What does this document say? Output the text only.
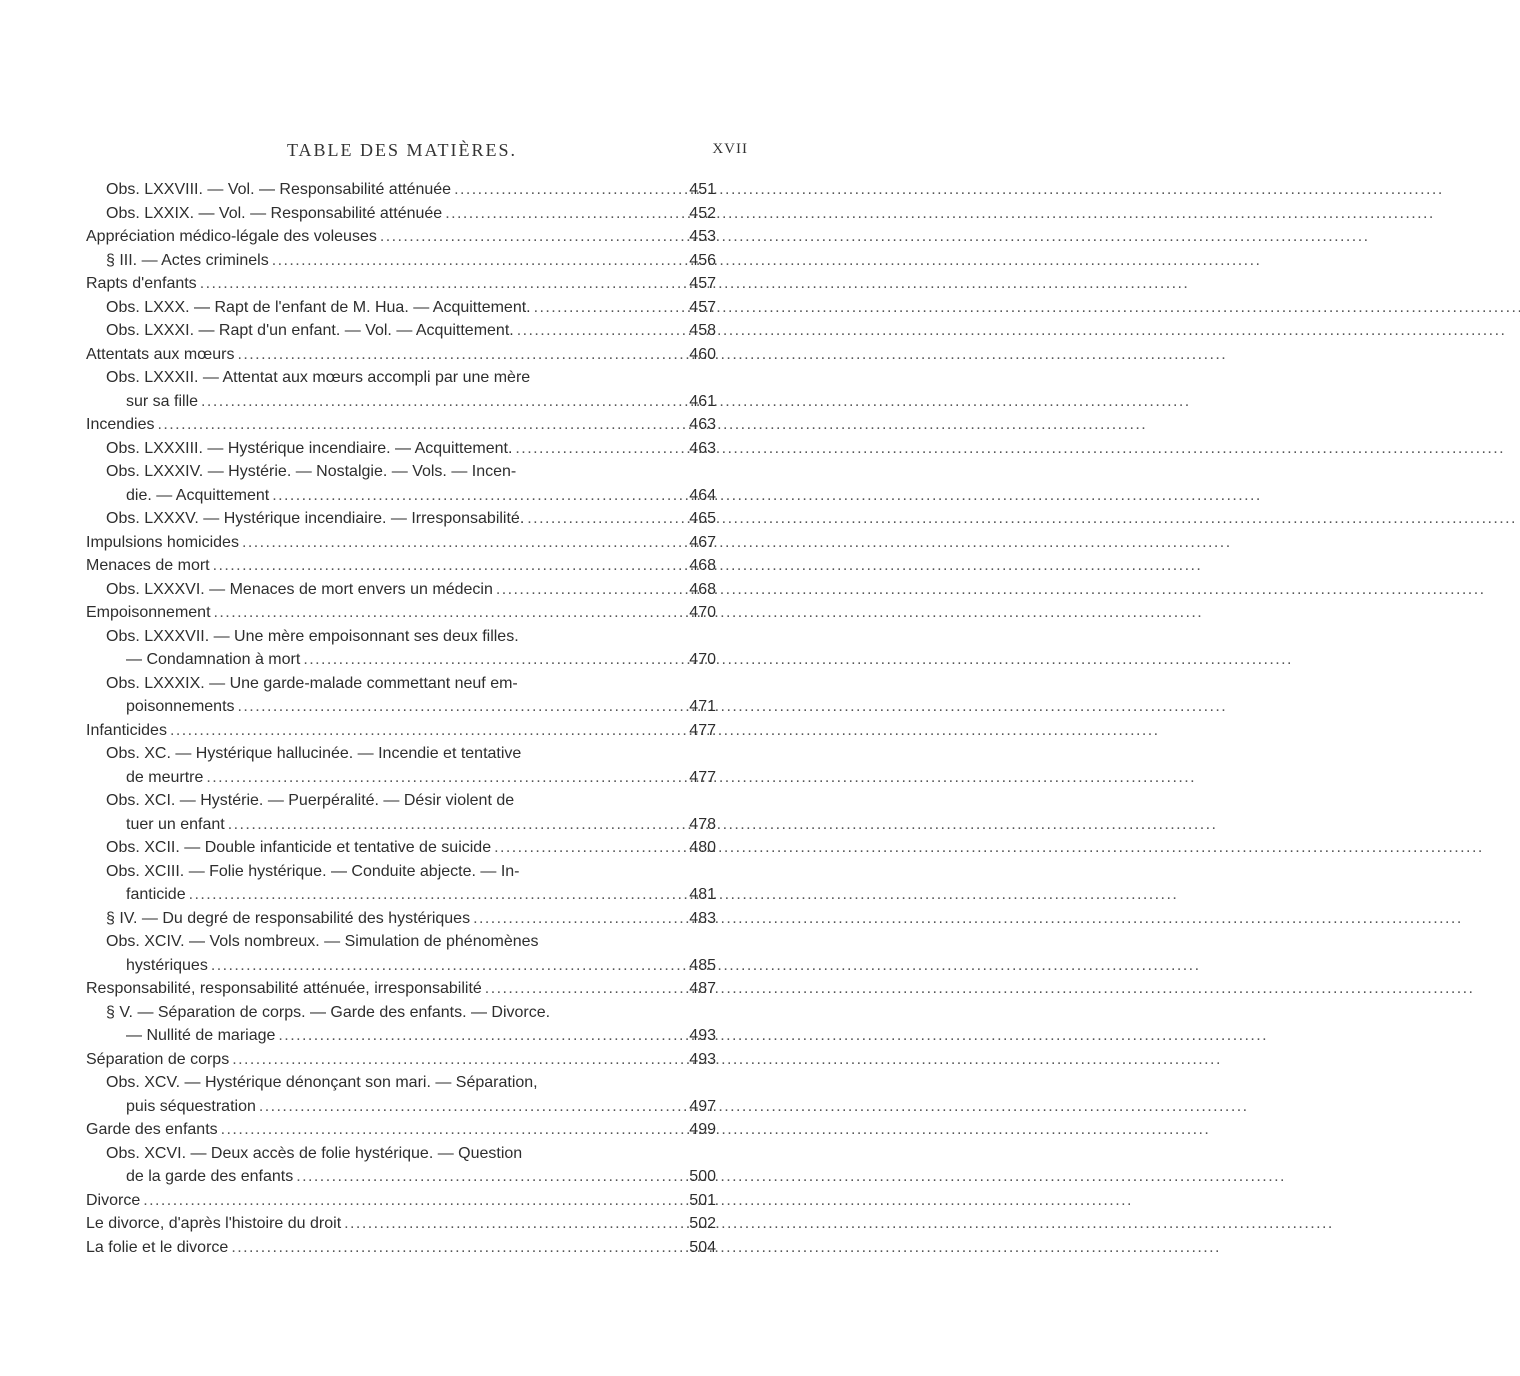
TABLE DES MATIÈRES.	XVII
Obs. LXXVIII. — Vol. — Responsabilité atténuée . . .	451
Obs. LXXIX. — Vol. — Responsabilité atténuée . . .	452
Appréciation médico-légale des voleuses . . .	453
§ III. — Actes criminels . . .	456
Rapts d'enfants . . .	457
Obs. LXXX. — Rapt de l'enfant de M. Hua. — Acquittement. . . .	457
Obs. LXXXI. — Rapt d'un enfant. — Vol. — Acquittement. . . .	458
Attentats aux mœurs . . .	460
Obs. LXXXII. — Attentat aux mœurs accompli par une mère
sur sa fille . . .	461
Incendies . . .	463
Obs. LXXXIII. — Hystérique incendiaire. — Acquittement. . . .	463
Obs. LXXXIV. — Hystérie. — Nostalgie. — Vols. — Incen-
die. — Acquittement . . .	464
Obs. LXXXV. — Hystérique incendiaire. — Irresponsabilité. . . .	465
Impulsions homicides . . .	467
Menaces de mort . . .	468
Obs. LXXXVI. — Menaces de mort envers un médecin . . .	468
Empoisonnement . . .	470
Obs. LXXXVII. — Une mère empoisonnant ses deux filles.
— Condamnation à mort . . .	470
Obs. LXXXIX. — Une garde-malade commettant neuf em-
poisonnements . . .	471
Infanticides . . .	477
Obs. XC. — Hystérique hallucinée. — Incendie et tentative
de meurtre . . .	477
Obs. XCI. — Hystérie. — Puerpéralité. — Désir violent de
tuer un enfant . . .	478
Obs. XCII. — Double infanticide et tentative de suicide . . .	480
Obs. XCIII. — Folie hystérique. — Conduite abjecte. — In-
fanticide . . .	481
§ IV. — Du degré de responsabilité des hystériques . . .	483
Obs. XCIV. — Vols nombreux. — Simulation de phénomènes
hystériques . . .	485
Responsabilité, responsabilité atténuée, irresponsabilité . . .	487
§ V. — Séparation de corps. — Garde des enfants. — Divorce.
— Nullité de mariage . . .	493
Séparation de corps . . .	493
Obs. XCV. — Hystérique dénonçant son mari. — Séparation,
puis séquestration . . .	497
Garde des enfants . . .	499
Obs. XCVI. — Deux accès de folie hystérique. — Question
de la garde des enfants . . .	500
Divorce . . .	501
Le divorce, d'après l'histoire du droit . . .	502
La folie et le divorce . . .	504
